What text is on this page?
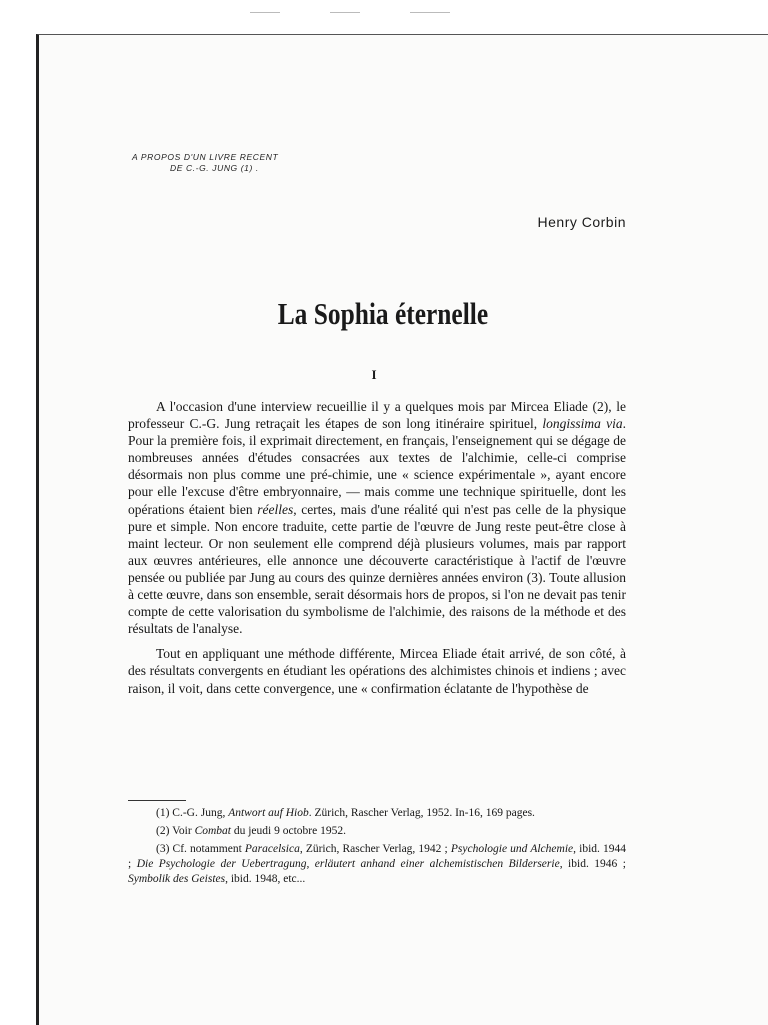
A PROPOS D'UN LIVRE RECENT
DE C.-G. JUNG (1) .
Henry Corbin
La Sophia éternelle
I

A l'occasion d'une interview recueillie il y a quelques mois par Mircea Eliade (2), le professeur C.-G. Jung retraçait les étapes de son long itinéraire spirituel, longissima via. Pour la première fois, il exprimait directement, en français, l'enseignement qui se dégage de nombreuses années d'études consacrées aux textes de l'alchimie, celle-ci comprise désormais non plus comme une pré-chimie, une « science expérimentale », ayant encore pour elle l'excuse d'être embryonnaire, — mais comme une technique spirituelle, dont les opérations étaient bien réelles, certes, mais d'une réalité qui n'est pas celle de la physique pure et simple. Non encore traduite, cette partie de l'œuvre de Jung reste peut-être close à maint lecteur. Or non seulement elle comprend déjà plusieurs volumes, mais par rapport aux œuvres antérieures, elle annonce une découverte caractéristique à l'actif de l'œuvre pensée ou publiée par Jung au cours des quinze dernières années environ (3). Toute allusion à cette œuvre, dans son ensemble, serait désormais hors de propos, si l'on ne devait pas tenir compte de cette valorisation du symbolisme de l'alchimie, des raisons de la méthode et des résultats de l'analyse.

Tout en appliquant une méthode différente, Mircea Eliade était arrivé, de son côté, à des résultats convergents en étudiant les opérations des alchimistes chinois et indiens ; avec raison, il voit, dans cette convergence, une « confirmation éclatante de l'hypothèse de

(1) C.-G. Jung, Antwort auf Hiob. Zürich, Rascher Verlag, 1952. In-16, 169 pages.

(2) Voir Combat du jeudi 9 octobre 1952.

(3) Cf. notamment Paracelsica, Zürich, Rascher Verlag, 1942 ; Psychologie und Alchemie, ibid. 1944 ; Die Psychologie der Uebertragung, erläutert anhand einer alchemistischen Bilderserie, ibid. 1946 ; Symbolik des Geistes, ibid. 1948, etc...
